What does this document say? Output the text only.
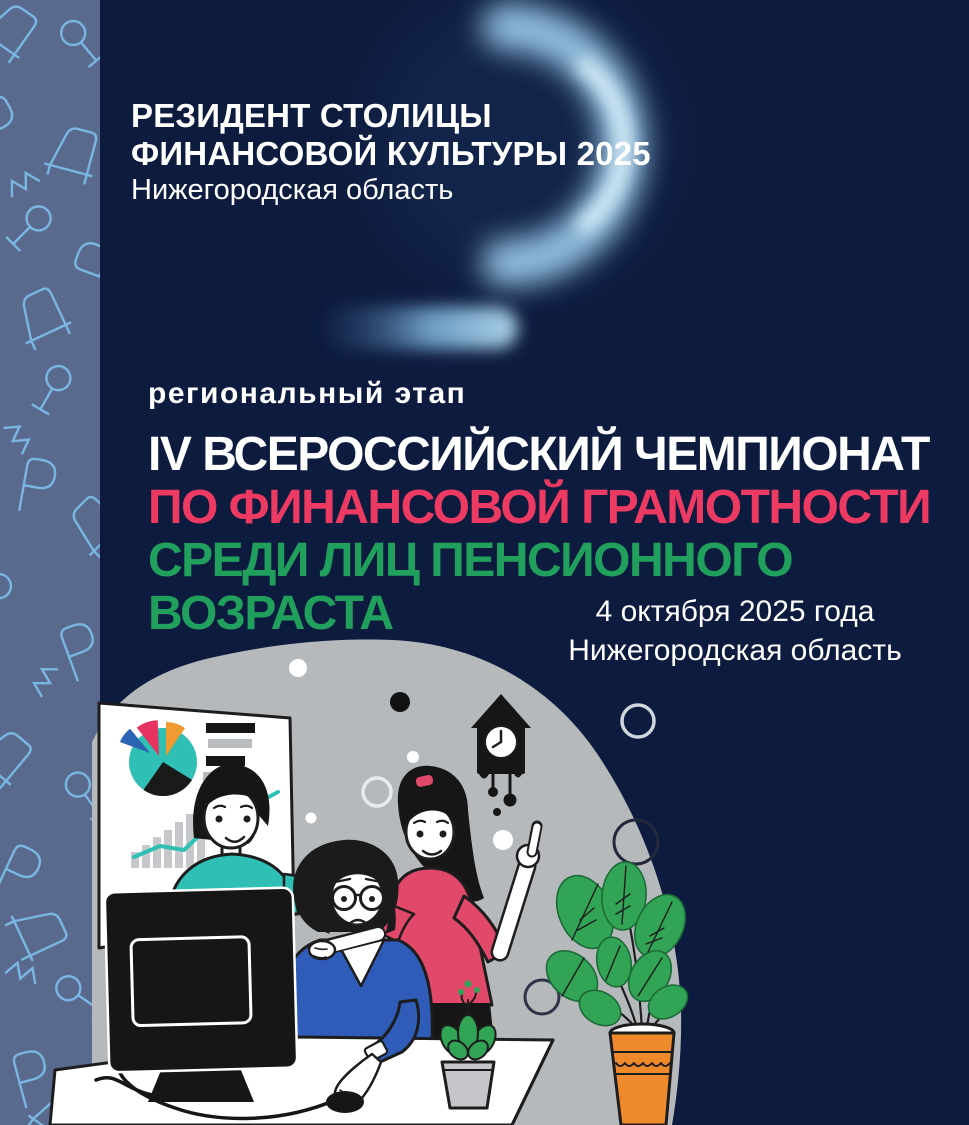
РЕЗИДЕНТ СТОЛИЦЫ
ФИНАНСОВОЙ КУЛЬТУРЫ 2025
Нижегородская область
региональный этап
IV ВСЕРОССИЙСКИЙ ЧЕМПИОНАТ
ПО ФИНАНСОВОЙ ГРАМОТНОСТИ
СРЕДИ ЛИЦ ПЕНСИОННОГО
ВОЗРАСТА	4 октября 2025 года
Нижегородская область
